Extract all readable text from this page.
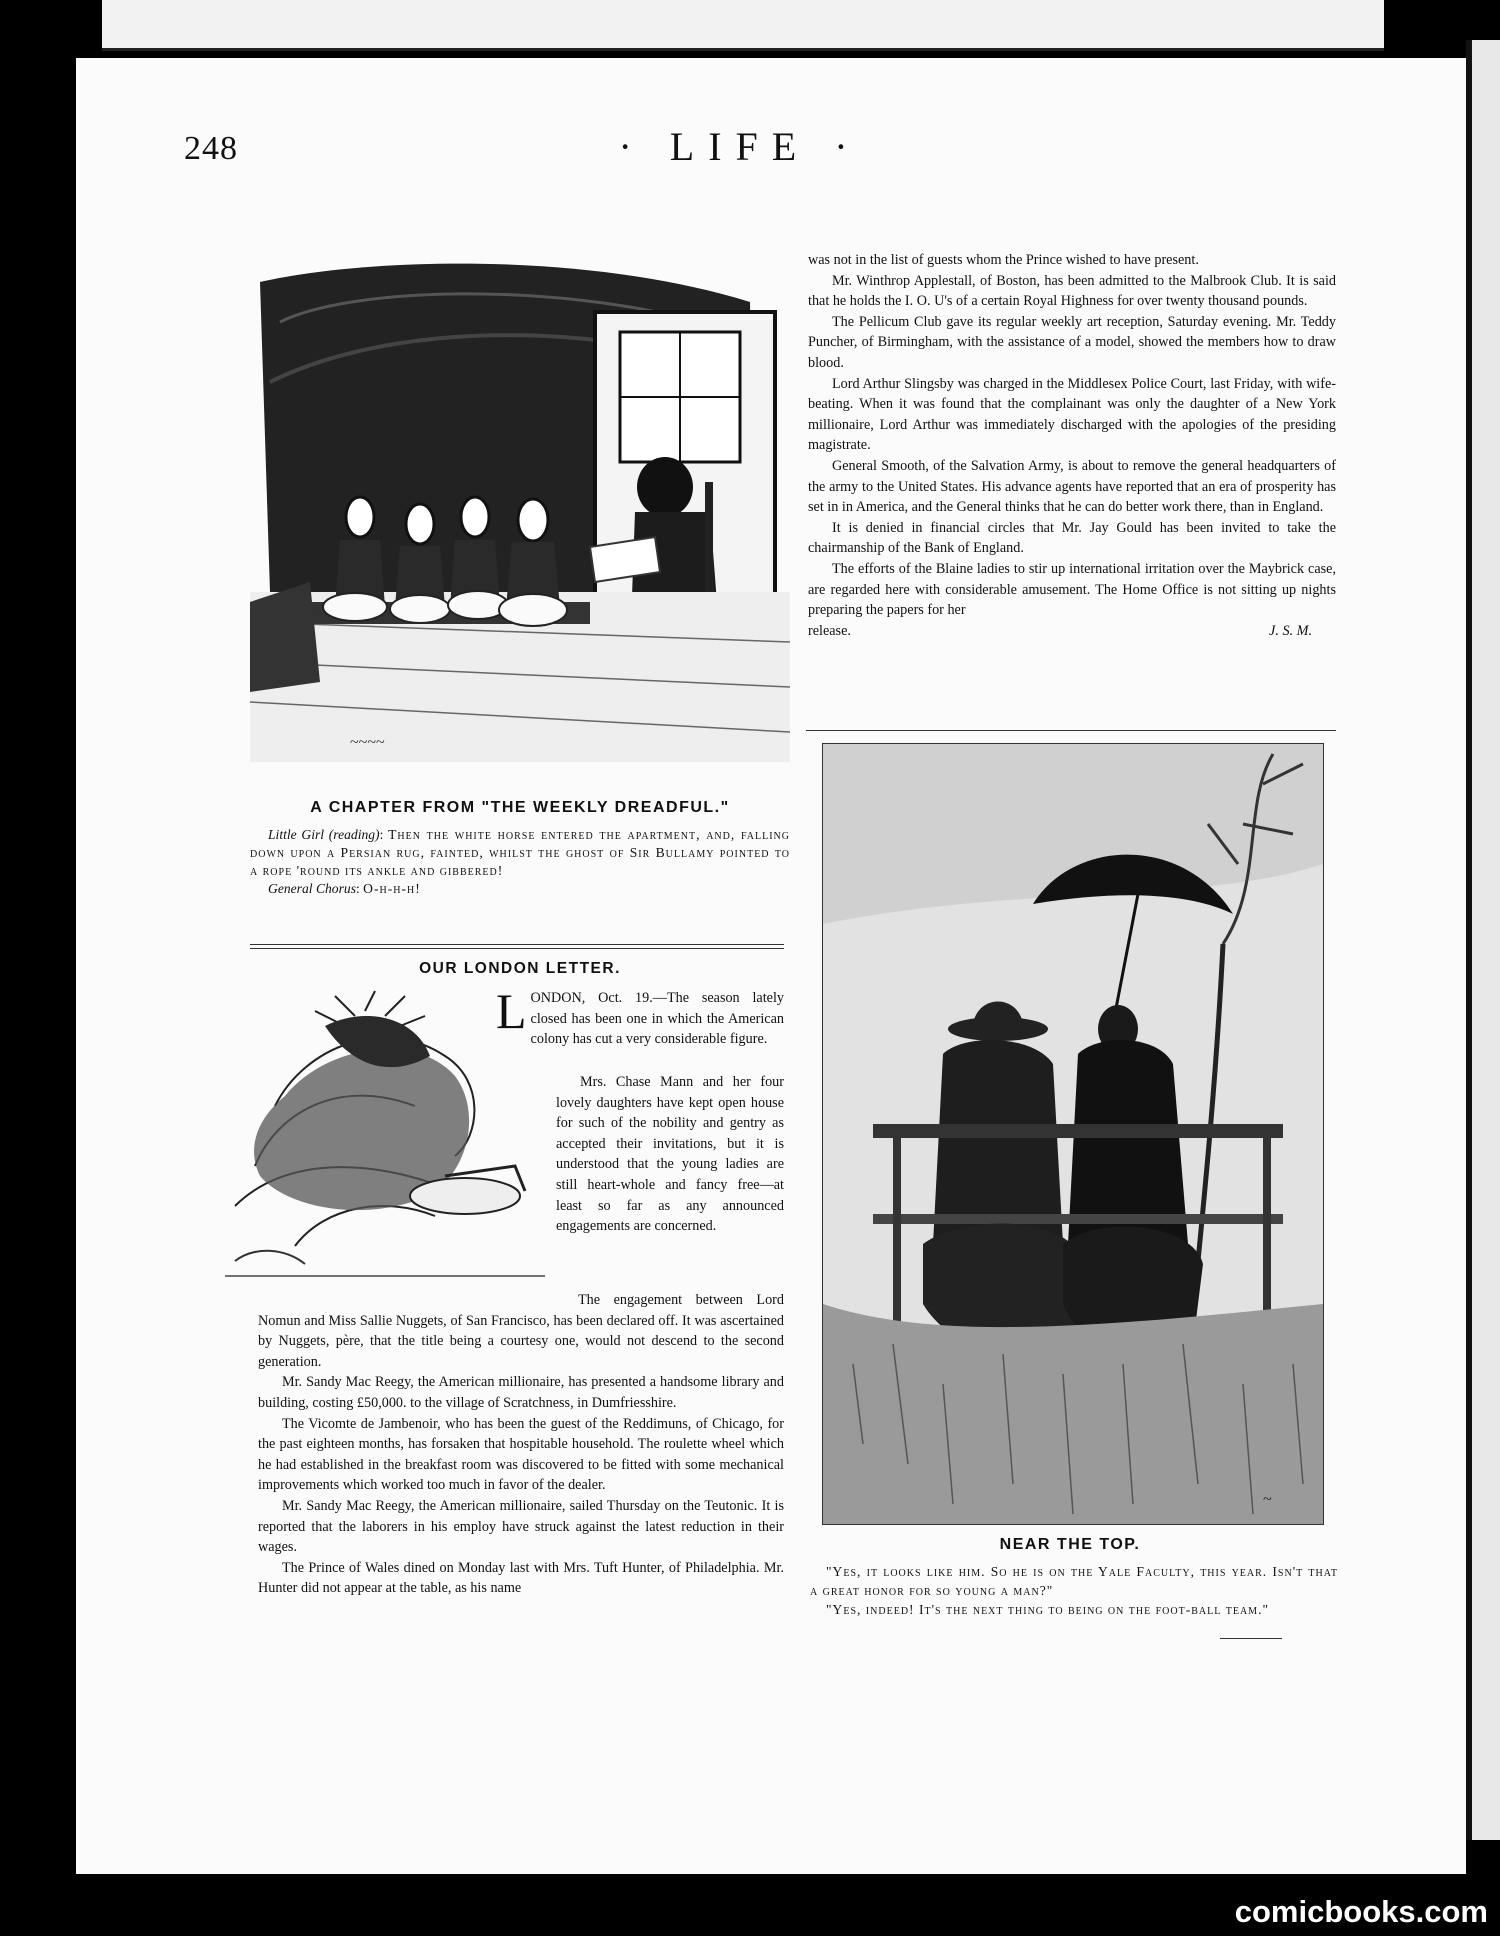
248	· LIFE ·
~~~~
A CHAPTER FROM "THE WEEKLY DREADFUL."
Little Girl (reading): Then the white horse entered the apartment, and, falling down upon a Persian rug, fainted, whilst the ghost of Sir Bullamy pointed to a rope 'round its ankle and gibbered!
General Chorus: O-h-h-h!
OUR LONDON LETTER.

LONDON, Oct. 19.—The season lately closed has been one in which the American colony has cut a very considerable figure.

Mrs. Chase Mann and her four lovely daughters have kept open house for such of the nobility and gentry as accepted their invitations, but it is understood that the young ladies are still heart-whole and fancy free—at least so far as any announced engagements are concerned.

The engagement between Lord Nomun and Miss Sallie Nuggets, of San Francisco, has been declared off. It was ascertained by Nuggets, père, that the title being a courtesy one, would not descend to the second generation.

Mr. Sandy Mac Reegy, the American millionaire, has presented a handsome library and building, costing £50,000. to the village of Scratchness, in Dumfriesshire.

The Vicomte de Jambenoir, who has been the guest of the Reddimuns, of Chicago, for the past eighteen months, has forsaken that hospitable household. The roulette wheel which he had established in the breakfast room was discovered to be fitted with some mechanical improvements which worked too much in favor of the dealer.

Mr. Sandy Mac Reegy, the American millionaire, sailed Thursday on the Teutonic. It is reported that the laborers in his employ have struck against the latest reduction in their wages.

The Prince of Wales dined on Monday last with Mrs. Tuft Hunter, of Philadelphia. Mr. Hunter did not appear at the table, as his name

was not in the list of guests whom the Prince wished to have present.

Mr. Winthrop Applestall, of Boston, has been admitted to the Malbrook Club. It is said that he holds the I. O. U's of a certain Royal Highness for over twenty thousand pounds.

The Pellicum Club gave its regular weekly art reception, Saturday evening. Mr. Teddy Puncher, of Birmingham, with the assistance of a model, showed the members how to draw blood.

Lord Arthur Slingsby was charged in the Middlesex Police Court, last Friday, with wife-beating. When it was found that the complainant was only the daughter of a New York millionaire, Lord Arthur was immediately discharged with the apologies of the presiding magistrate.

General Smooth, of the Salvation Army, is about to remove the general headquarters of the army to the United States. His advance agents have reported that an era of prosperity has set in in America, and the General thinks that he can do better work there, than in England.

It is denied in financial circles that Mr. Jay Gould has been invited to take the chairmanship of the Bank of England.

The efforts of the Blaine ladies to stir up international irritation over the Maybrick case, are regarded here with considerable amusement. The Home Office is not sitting up nights preparing the papers for her

release.	J. S. M.
~
NEAR THE TOP.
"Yes, it looks like him. So he is on the Yale Faculty, this year. Isn't that a great honor for so young a man?"
"Yes, indeed! It's the next thing to being on the foot-ball team."
comicbooks.com
